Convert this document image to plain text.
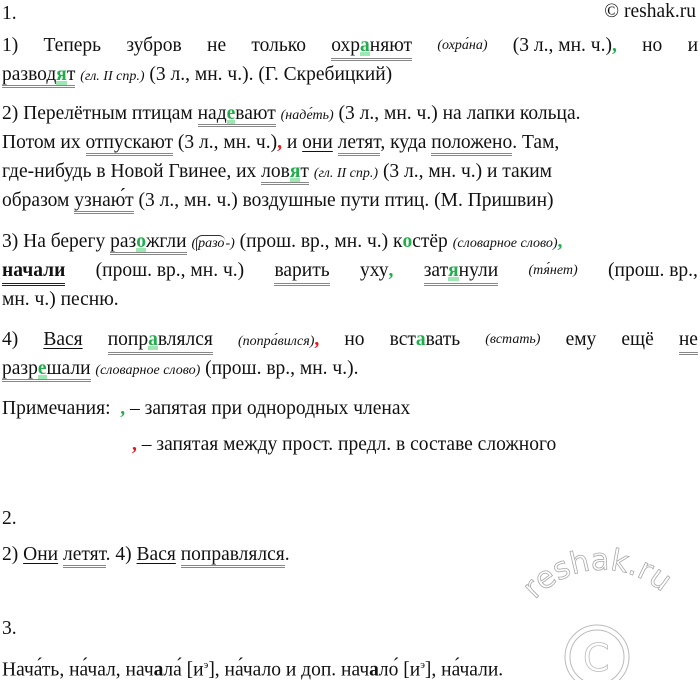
1.	© reshak.ru
1) Теперь зубров не только охраняют (охра́на) (3 л., мн. ч.), но и
разводят (гл. II спр.) (3 л., мн. ч.). (Г. Скребицкий)
2) Перелётным птицам надевают (наде́ть) (3 л., мн. ч.) на лапки кольца.
Потом их отпускают (3 л., мн. ч.), и они летят, куда положено. Там,
где-нибудь в Новой Гвинее, их ловят (гл. II спр.) (3 л., мн. ч.) и таким
образом узнаю́т (3 л., мн. ч.) воздушные пути птиц. (М. Пришвин)
3) На берегу разожгли ( разо-) (прош. вр., мн. ч.) костёр (словарное слово),
начали (прош. вр., мн. ч.) варить уху, затянули (тя́нет) (прош. вр.,
мн. ч.) песню.
4) Вася поправлялся (попра́вился), но вставать (встать) ему ещё не
разрешали (словарное слово) (прош. вр., мн. ч.).
Примечания: , – запятая при однородных членах
, – запятая между прост. предл. в составе сложного
2.
2) Они летят. 4) Вася поправлялся.
3.
Нача́ть, на́чал, начала́ $[и^э]$, на́чало и доп. начало́ $[и^э]$, на́чали.
reshak.ru
C
